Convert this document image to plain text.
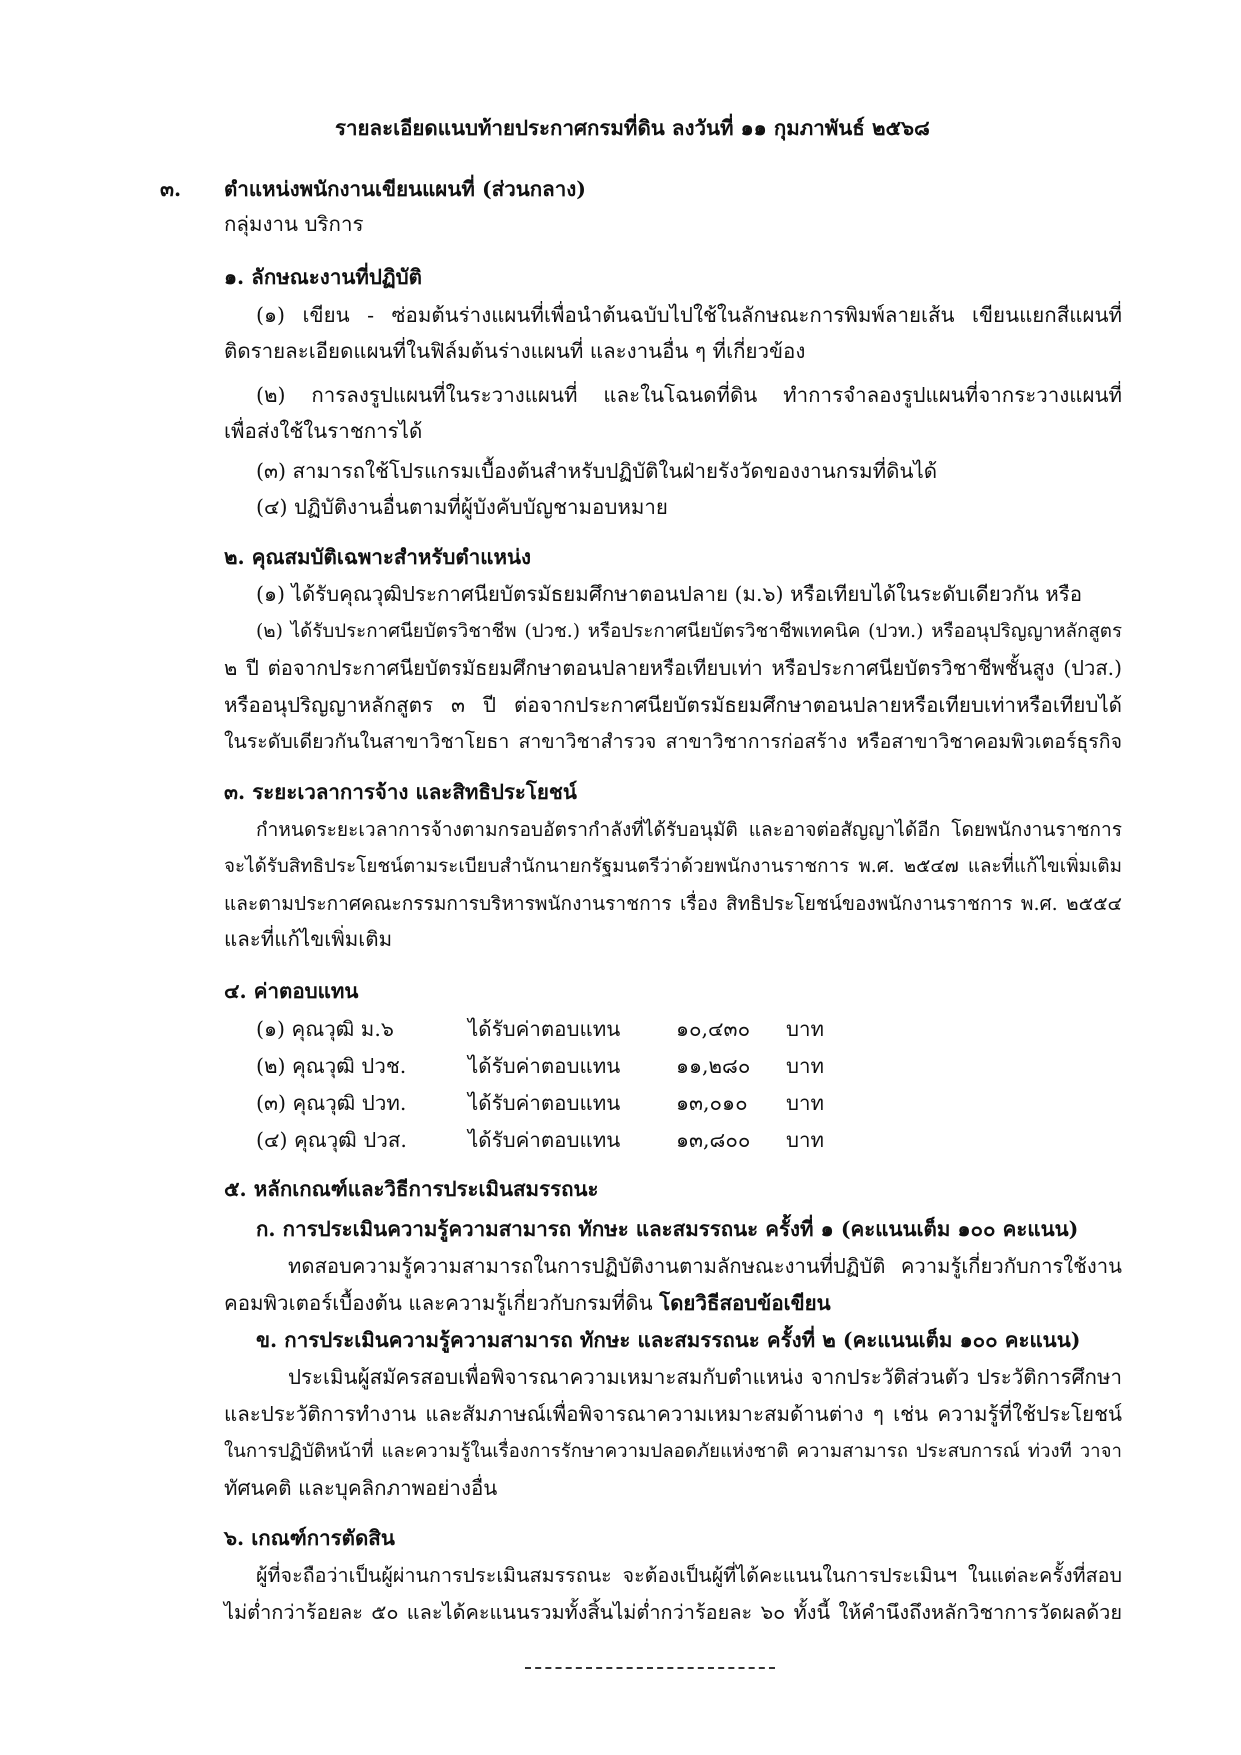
รายละเอียดแนบท้ายประกาศกรมที่ดิน ลงวันที่ ๑๑ กุมภาพันธ์ ๒๕๖๘
๓. ตำแหน่งพนักงานเขียนแผนที่ (ส่วนกลาง)
กลุ่มงาน บริการ
๑. ลักษณะงานที่ปฏิบัติ
(๑) เขียน - ซ่อมต้นร่างแผนที่เพื่อนำต้นฉบับไปใช้ในลักษณะการพิมพ์ลายเส้น เขียนแยกสีแผนที่
ติดรายละเอียดแผนที่ในฟิล์มต้นร่างแผนที่ และงานอื่น ๆ ที่เกี่ยวข้อง
(๒) การลงรูปแผนที่ในระวางแผนที่ และในโฉนดที่ดิน ทำการจำลองรูปแผนที่จากระวางแผนที่
เพื่อส่งใช้ในราชการได้
(๓) สามารถใช้โปรแกรมเบื้องต้นสำหรับปฏิบัติในฝ่ายรังวัดของงานกรมที่ดินได้
(๔) ปฏิบัติงานอื่นตามที่ผู้บังคับบัญชามอบหมาย
๒. คุณสมบัติเฉพาะสำหรับตำแหน่ง
(๑) ได้รับคุณวุฒิประกาศนียบัตรมัธยมศึกษาตอนปลาย (ม.๖) หรือเทียบได้ในระดับเดียวกัน หรือ
(๒) ได้รับประกาศนียบัตรวิชาชีพ (ปวช.) หรือประกาศนียบัตรวิชาชีพเทคนิค (ปวท.) หรืออนุปริญญาหลักสูตร
๒ ปี ต่อจากประกาศนียบัตรมัธยมศึกษาตอนปลายหรือเทียบเท่า หรือประกาศนียบัตรวิชาชีพชั้นสูง (ปวส.)
หรืออนุปริญญาหลักสูตร ๓ ปี ต่อจากประกาศนียบัตรมัธยมศึกษาตอนปลายหรือเทียบเท่าหรือเทียบได้
ในระดับเดียวกันในสาขาวิชาโยธา สาขาวิชาสำรวจ สาขาวิชาการก่อสร้าง หรือสาขาวิชาคอมพิวเตอร์ธุรกิจ
๓. ระยะเวลาการจ้าง และสิทธิประโยชน์
กำหนดระยะเวลาการจ้างตามกรอบอัตรากำลังที่ได้รับอนุมัติ และอาจต่อสัญญาได้อีก โดยพนักงานราชการ
จะได้รับสิทธิประโยชน์ตามระเบียบสำนักนายกรัฐมนตรีว่าด้วยพนักงานราชการ พ.ศ. ๒๕๔๗ และที่แก้ไขเพิ่มเติม
และตามประกาศคณะกรรมการบริหารพนักงานราชการ เรื่อง สิทธิประโยชน์ของพนักงานราชการ พ.ศ. ๒๕๕๔
และที่แก้ไขเพิ่มเติม
๔. ค่าตอบแทน
(๑) คุณวุฒิ ม.๖	ได้รับค่าตอบแทน	๑๐,๔๓๐ บาท
(๒) คุณวุฒิ ปวช.	ได้รับค่าตอบแทน	๑๑,๒๘๐ บาท
(๓) คุณวุฒิ ปวท.	ได้รับค่าตอบแทน	๑๓,๐๑๐ บาท
(๔) คุณวุฒิ ปวส.	ได้รับค่าตอบแทน	๑๓,๘๐๐ บาท
๕. หลักเกณฑ์และวิธีการประเมินสมรรถนะ
ก. การประเมินความรู้ความสามารถ ทักษะ และสมรรถนะ ครั้งที่ ๑ (คะแนนเต็ม ๑๐๐ คะแนน)
ทดสอบความรู้ความสามารถในการปฏิบัติงานตามลักษณะงานที่ปฏิบัติ ความรู้เกี่ยวกับการใช้งาน
คอมพิวเตอร์เบื้องต้น และความรู้เกี่ยวกับกรมที่ดิน โดยวิธีสอบข้อเขียน
ข. การประเมินความรู้ความสามารถ ทักษะ และสมรรถนะ ครั้งที่ ๒ (คะแนนเต็ม ๑๐๐ คะแนน)
ประเมินผู้สมัครสอบเพื่อพิจารณาความเหมาะสมกับตำแหน่ง จากประวัติส่วนตัว ประวัติการศึกษา
และประวัติการทำงาน และสัมภาษณ์เพื่อพิจารณาความเหมาะสมด้านต่าง ๆ เช่น ความรู้ที่ใช้ประโยชน์
ในการปฏิบัติหน้าที่ และความรู้ในเรื่องการรักษาความปลอดภัยแห่งชาติ ความสามารถ ประสบการณ์ ท่วงที วาจา
ทัศนคติ และบุคลิกภาพอย่างอื่น
๖. เกณฑ์การตัดสิน
ผู้ที่จะถือว่าเป็นผู้ผ่านการประเมินสมรรถนะ จะต้องเป็นผู้ที่ได้คะแนนในการประเมินฯ ในแต่ละครั้งที่สอบ
ไม่ต่ำกว่าร้อยละ ๕๐ และได้คะแนนรวมทั้งสิ้นไม่ต่ำกว่าร้อยละ ๖๐ ทั้งนี้ ให้คำนึงถึงหลักวิชาการวัดผลด้วย
